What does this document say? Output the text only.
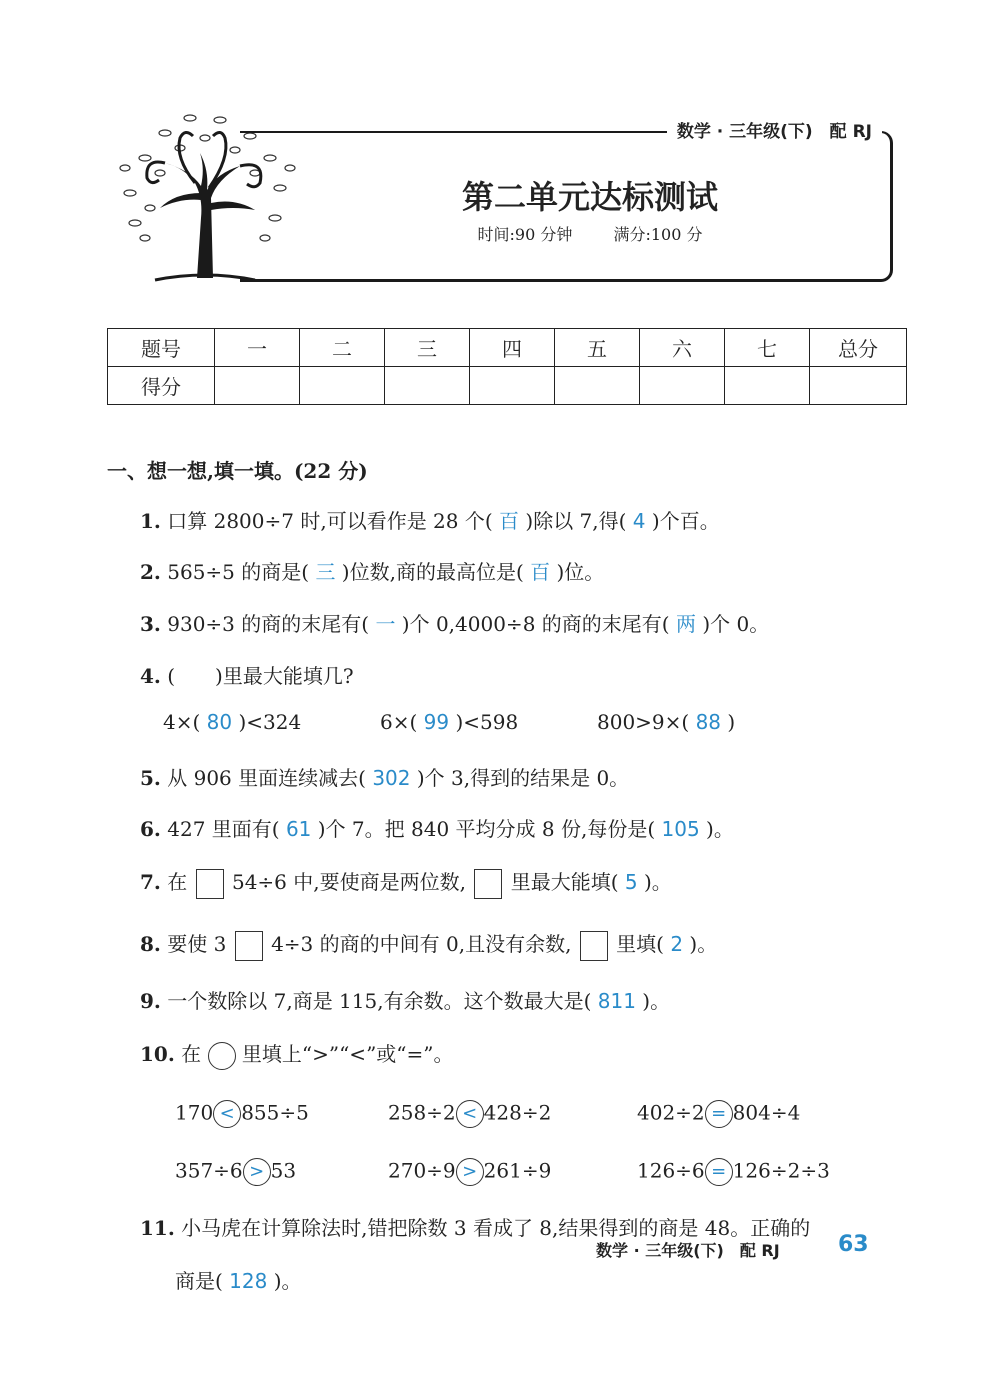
数学 · 三年级(下)　配 RJ
第二单元达标测试
时间:90 分钟	满分:100 分
题号	一	二	三	四	五	六	七	总分
得分								
一、想一想,填一填。(22 分)
1. 口算 2800÷7 时,可以看作是 28 个( 百 )除以 7,得( 4 )个百。
2. 565÷5 的商是( 三 )位数,商的最高位是( 百 )位。
3. 930÷3 的商的末尾有( 一 )个 0,4000÷8 的商的末尾有( 两 )个 0。
4. (　　)里最大能填几?
4×( 80 )<324	6×( 99 )<598	800>9×( 88 )
5. 从 906 里面连续减去( 302 )个 3,得到的结果是 0。
6. 427 里面有( 61 )个 7。把 840 平均分成 8 份,每份是( 105 )。
7. 在 54÷6 中,要使商是两位数, 里最大能填( 5 )。
8. 要使 3 4÷3 的商的中间有 0,且没有余数, 里填( 2 )。
9. 一个数除以 7,商是 115,有余数。这个数最大是( 811 )。
10. 在 里填上“>”“<”或“=”。
170 < 855÷5	258÷2 < 428÷2	402÷2 = 804÷4
357÷6 > 53	270÷9 > 261÷9	126÷6 = 126÷2÷3
11. 小马虎在计算除法时,错把除数 3 看成了 8,结果得到的商是 48。正确的
商是( 128 )。
数学 · 三年级(下)　配 RJ	63
